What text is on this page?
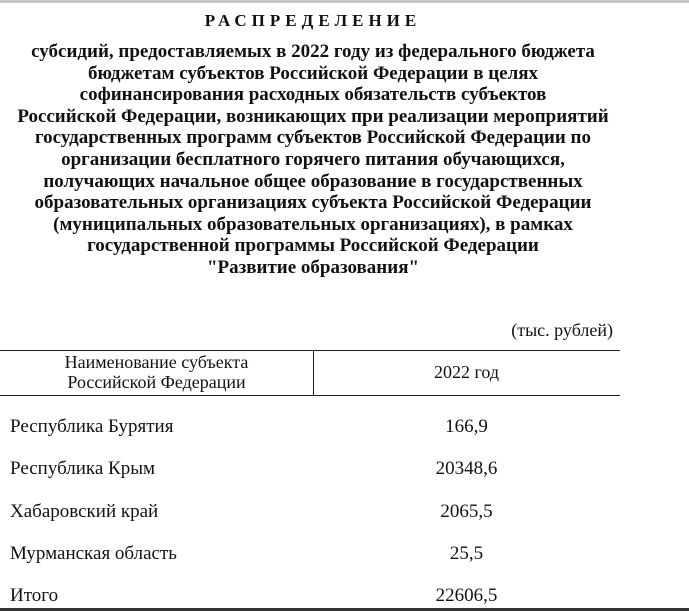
РАСПРЕДЕЛЕНИЕ
субсидий, предоставляемых в 2022 году из федерального бюджета
бюджетам субъектов Российской Федерации в целях
софинансирования расходных обязательств субъектов
Российской Федерации, возникающих при реализации мероприятий
государственных программ субъектов Российской Федерации по
организации бесплатного горячего питания обучающихся,
получающих начальное общее образование в государственных
образовательных организациях субъекта Российской Федерации
(муниципальных образовательных организациях), в рамках
государственной программы Российской Федерации
"Развитие образования"
(тыс. рублей)
Наименование субъекта
Российской Федерации	2022 год
Республика Бурятия	166,9
Республика Крым	20348,6
Хабаровский край	2065,5
Мурманская область	25,5
Итого	22606,5
